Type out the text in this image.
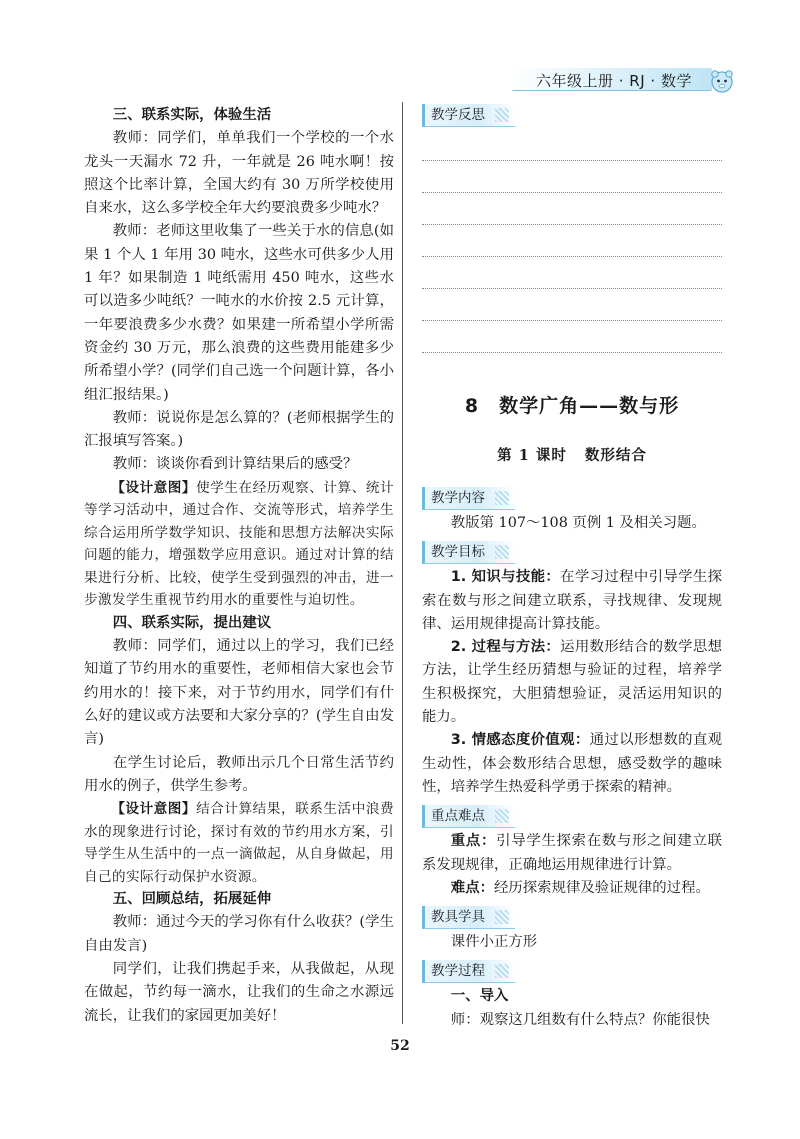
六年级上册 · RJ · 数学

三、联系实际，体验生活

教师：同学们，单单我们一个学校的一个水龙头一天漏水 72 升，一年就是 26 吨水啊！按照这个比率计算，全国大约有 30 万所学校使用自来水，这么多学校全年大约要浪费多少吨水？

教师：老师这里收集了一些关于水的信息(如果 1 个人 1 年用 30 吨水，这些水可供多少人用 1 年？如果制造 1 吨纸需用 450 吨水，这些水可以造多少吨纸？一吨水的水价按 2.5 元计算，一年要浪费多少水费？如果建一所希望小学所需资金约 30 万元，那么浪费的这些费用能建多少所希望小学？(同学们自己选一个问题计算，各小组汇报结果。)

教师：说说你是怎么算的？(老师根据学生的汇报填写答案。)

教师：谈谈你看到计算结果后的感受？

【设计意图】使学生在经历观察、计算、统计等学习活动中，通过合作、交流等形式，培养学生综合运用所学数学知识、技能和思想方法解决实际问题的能力，增强数学应用意识。通过对计算的结果进行分析、比较，使学生受到强烈的冲击，进一步激发学生重视节约用水的重要性与迫切性。

四、联系实际，提出建议

教师：同学们，通过以上的学习，我们已经知道了节约用水的重要性，老师相信大家也会节约用水的！接下来，对于节约用水，同学们有什么好的建议或方法要和大家分享的？(学生自由发言)

在学生讨论后，教师出示几个日常生活节约用水的例子，供学生参考。

【设计意图】结合计算结果，联系生活中浪费水的现象进行讨论，探讨有效的节约用水方案，引导学生从生活中的一点一滴做起，从自身做起，用自己的实际行动保护水资源。

五、回顾总结，拓展延伸

教师：通过今天的学习你有什么收获？(学生自由发言)

同学们，让我们携起手来，从我做起，从现在做起，节约每一滴水，让我们的生命之水源远流长，让我们的家园更加美好！

教学反思

8　数学广角——数与形

第 1 课时 数形结合

教学内容

教版第 107～108 页例 1 及相关习题。

教学目标

1. 知识与技能：在学习过程中引导学生探索在数与形之间建立联系，寻找规律、发现规律、运用规律提高计算技能。

2. 过程与方法：运用数形结合的数学思想方法，让学生经历猜想与验证的过程，培养学生积极探究，大胆猜想验证，灵活运用知识的能力。

3. 情感态度价值观：通过以形想数的直观生动性，体会数形结合思想，感受数学的趣味性，培养学生热爱科学勇于探索的精神。

重点难点

重点：引导学生探索在数与形之间建立联系发现规律，正确地运用规律进行计算。

难点：经历探索规律及验证规律的过程。

教具学具

课件小正方形

教学过程

一、导入

师：观察这几组数有什么特点？你能很快

52
